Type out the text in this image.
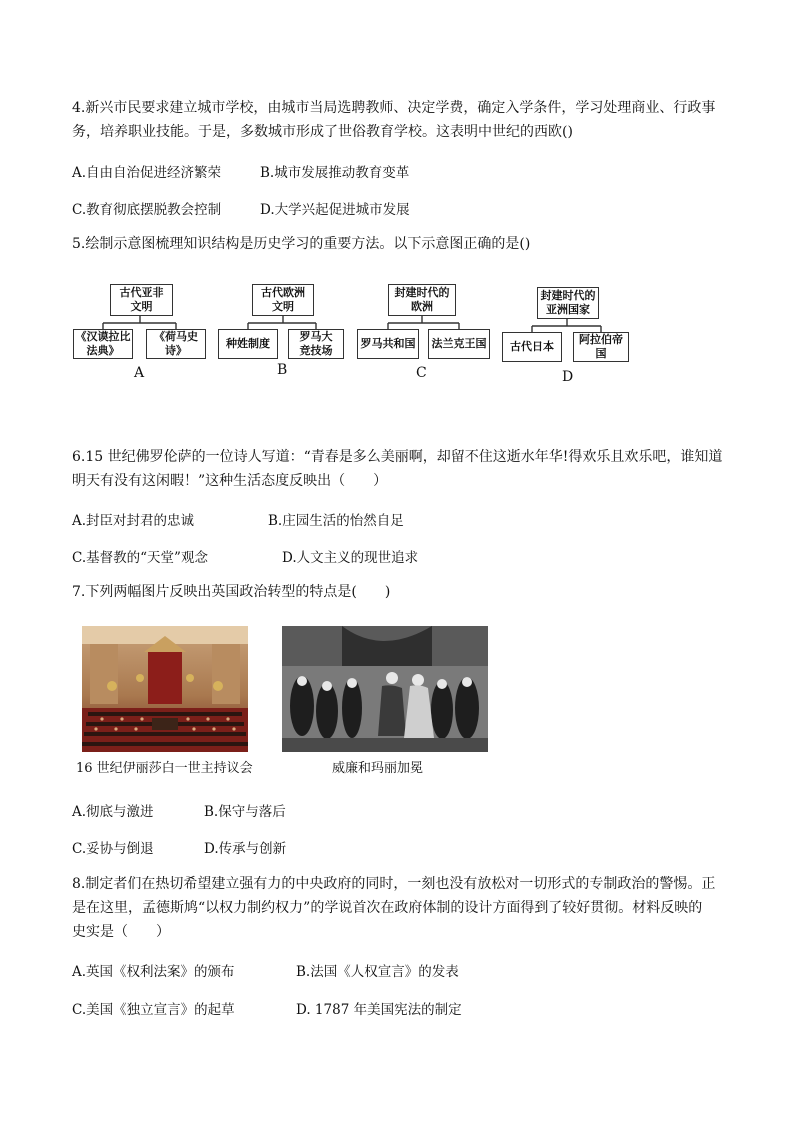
4.新兴市民要求建立城市学校，由城市当局选聘教师、决定学费，确定入学条件，学习处理商业、行政事
务，培养职业技能。于是，多数城市形成了世俗教育学校。这表明中世纪的西欧()
A.自由自治促进经济繁荣	B.城市发展推动教育变革
C.教育彻底摆脱教会控制	D.大学兴起促进城市发展
5.绘制示意图梳理知识结构是历史学习的重要方法。以下示意图正确的是()
古代亚非
文明
《汉谟拉比
法典》
《荷马史诗》
A
古代欧洲
文明
种姓制度
罗马大
竞技场
B
封建时代的
欧洲
罗马共和国	法兰克王国
C
封建时代的
亚洲国家
古代日本
阿拉伯帝国
D
6.15 世纪佛罗伦萨的一位诗人写道：“青春是多么美丽啊，却留不住这逝水年华!得欢乐且欢乐吧，谁知道
明天有没有这闲暇！”这种生活态度反映出（　　）
A.封臣对封君的忠诚	B.庄园生活的怡然自足
C.基督教的“天堂”观念	D.人文主义的现世追求
7.下列两幅图片反映出英国政治转型的特点是(　　)
16 世纪伊丽莎白一世主持议会	威廉和玛丽加冕
A.彻底与激进	B.保守与落后
C.妥协与倒退	D.传承与创新
8.制定者们在热切希望建立强有力的中央政府的同时，一刻也没有放松对一切形式的专制政治的警惕。正
是在这里，孟德斯鸠“以权力制约权力”的学说首次在政府体制的设计方面得到了较好贯彻。材料反映的
史实是（　　）
A.英国《权利法案》的颁布	B.法国《人权宣言》的发表
C.美国《独立宣言》的起草	D. 1787 年美国宪法的制定
